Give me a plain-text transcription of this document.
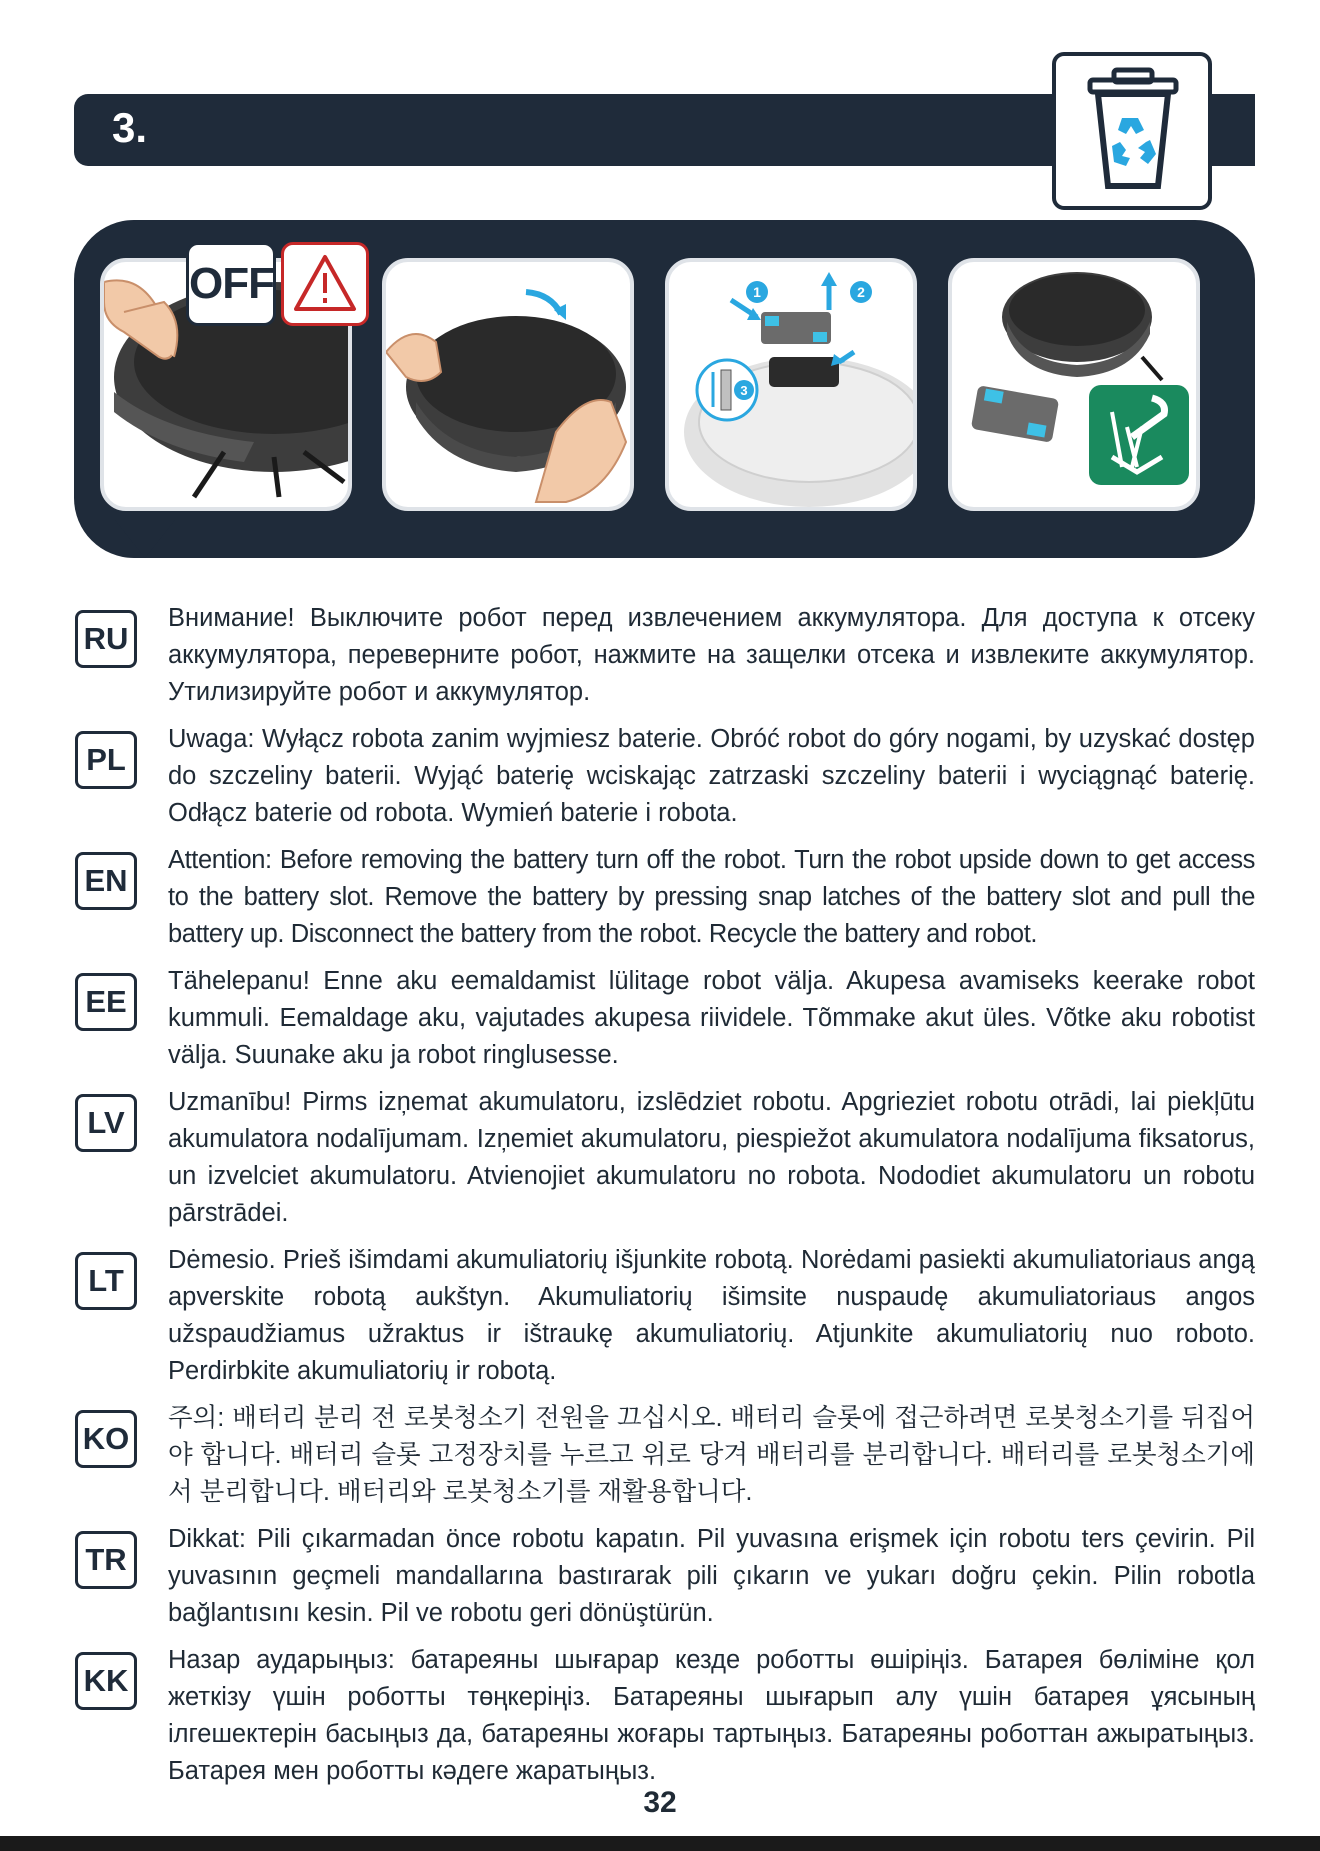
3.
OFF	1	2
3
RU
Внимание! Выключите робот перед извлечением аккумулятора. Для доступа к отсеку аккумулятора, переверните робот, нажмите на защелки отсека и извлеките аккумулятор. Утилизируйте робот и аккумулятор.
PL
Uwaga: Wyłącz robota zanim wyjmiesz baterie. Obróć robot do góry nogami, by uzyskać dostęp do szczeliny baterii. Wyjąć baterię wciskając zatrzaski szczeliny baterii i wyciągnąć baterię. Odłącz baterie od robota. Wymień baterie i robota.
EN
Attention: Before removing the battery turn off the robot. Turn the robot upside down to get access to the battery slot. Remove the battery by pressing snap latches of the battery slot and pull the battery up. Disconnect the battery from the robot. Recycle the battery and robot.
EE
Tähelepanu! Enne aku eemaldamist lülitage robot välja. Akupesa avamiseks keerake robot kummuli. Eemaldage aku, vajutades akupesa riividele. Tõmmake akut üles. Võtke aku robotist välja. Suunake aku ja robot ringlusesse.
LV
Uzmanību! Pirms izņemat akumulatoru, izslēdziet robotu. Apgrieziet robotu otrādi, lai piekļūtu akumulatora nodalījumam. Izņemiet akumulatoru, piespiežot akumulatora nodalījuma fiksatorus, un izvelciet akumulatoru. Atvienojiet akumulatoru no robota. Nododiet akumulatoru un robotu pārstrādei.
LT
Dėmesio. Prieš išimdami akumuliatorių išjunkite robotą. Norėdami pasiekti akumuliatoriaus angą apverskite robotą aukštyn. Akumuliatorių išimsite nuspaudę akumuliatoriaus angos užspaudžiamus užraktus ir ištraukę akumuliatorių. Atjunkite akumuliatorių nuo roboto. Perdirbkite akumuliatorių ir robotą.
KO
주의: 배터리 분리 전 로봇청소기 전원을 끄십시오. 배터리 슬롯에 접근하려면 로봇청소기를 뒤집어야 합니다. 배터리 슬롯 고정장치를 누르고 위로 당겨 배터리를 분리합니다. 배터리를 로봇청소기에서 분리합니다. 배터리와 로봇청소기를 재활용합니다.
TR
Dikkat: Pili çıkarmadan önce robotu kapatın. Pil yuvasına erişmek için robotu ters çevirin. Pil yuvasının geçmeli mandallarına bastırarak pili çıkarın ve yukarı doğru çekin. Pilin robotla bağlantısını kesin. Pil ve robotu geri dönüştürün.
KK
Назар аударыңыз: батареяны шығарар кезде роботты өшіріңіз. Батарея бөліміне қол жеткізу үшін роботты төңкеріңіз. Батареяны шығарып алу үшін батарея ұясының ілгешектерін басыңыз да, батареяны жоғары тартыңыз. Батареяны роботтан ажыратыңыз. Батарея мен роботты кәдеге жаратыңыз.
32
